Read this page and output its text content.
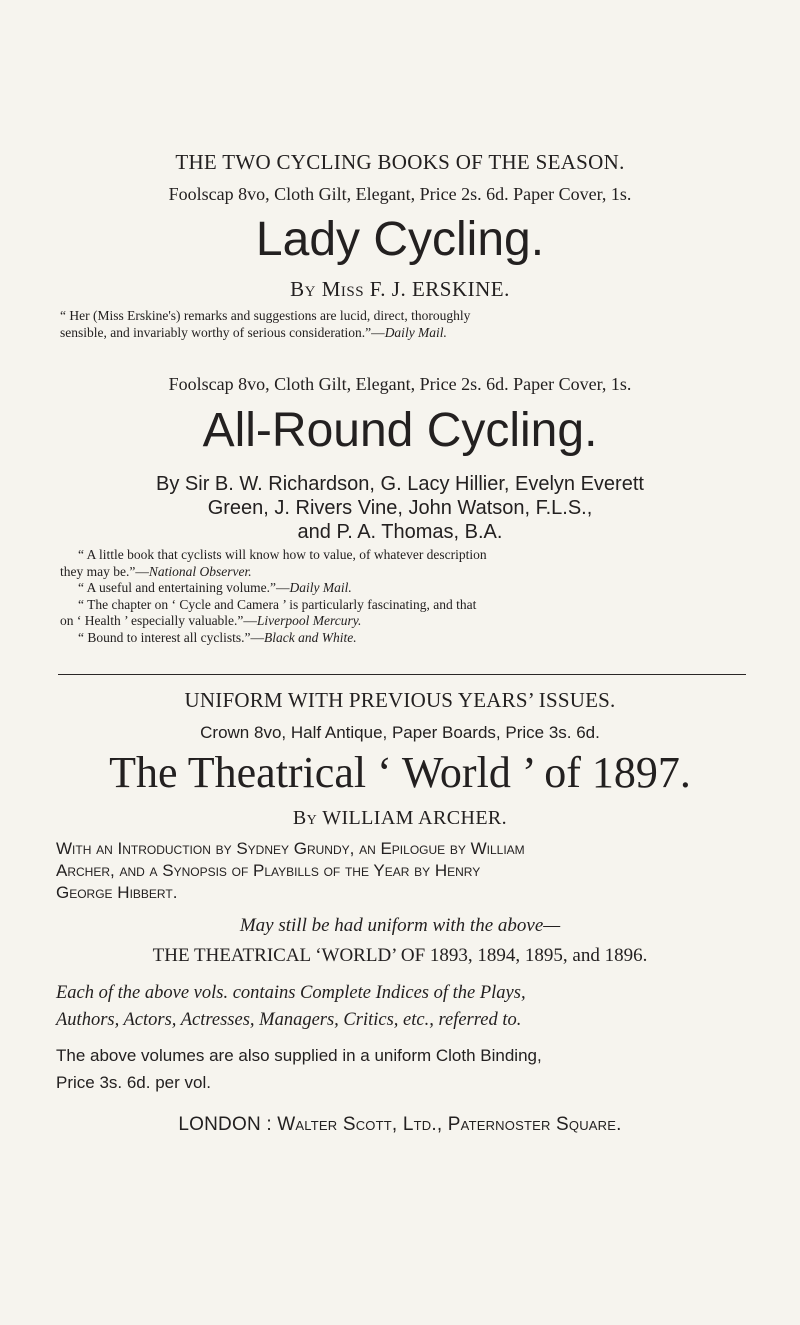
THE TWO CYCLING BOOKS OF THE SEASON.
Foolscap 8vo, Cloth Gilt, Elegant, Price 2s. 6d. Paper Cover, 1s.
Lady Cycling.
By Miss F. J. ERSKINE.
“ Her (Miss Erskine's) remarks and suggestions are lucid, direct, thoroughly
sensible, and invariably worthy of serious consideration.”—Daily Mail.
Foolscap 8vo, Cloth Gilt, Elegant, Price 2s. 6d. Paper Cover, 1s.
All-Round Cycling.
By Sir B. W. Richardson, G. Lacy Hillier, Evelyn Everett
Green, J. Rivers Vine, John Watson, F.L.S.,
and P. A. Thomas, B.A.
“ A little book that cyclists will know how to value, of whatever description
they may be.”—National Observer.
“ A useful and entertaining volume.”—Daily Mail.
“ The chapter on ‘ Cycle and Camera ’ is particularly fascinating, and that
on ‘ Health ’ especially valuable.”—Liverpool Mercury.
“ Bound to interest all cyclists.”—Black and White.
UNIFORM WITH PREVIOUS YEARS’ ISSUES.
Crown 8vo, Half Antique, Paper Boards, Price 3s. 6d.
The Theatrical ‘ World ’ of 1897.
By WILLIAM ARCHER.
With an Introduction by Sydney Grundy, an Epilogue by William
Archer, and a Synopsis of Playbills of the Year by Henry
George Hibbert.
May still be had uniform with the above—
THE THEATRICAL ‘WORLD’ OF 1893, 1894, 1895, and 1896.
Each of the above vols. contains Complete Indices of the Plays,
Authors, Actors, Actresses, Managers, Critics, etc., referred to.
The above volumes are also supplied in a uniform Cloth Binding,
Price 3s. 6d. per vol.
LONDON : Walter Scott, Ltd., Paternoster Square.
